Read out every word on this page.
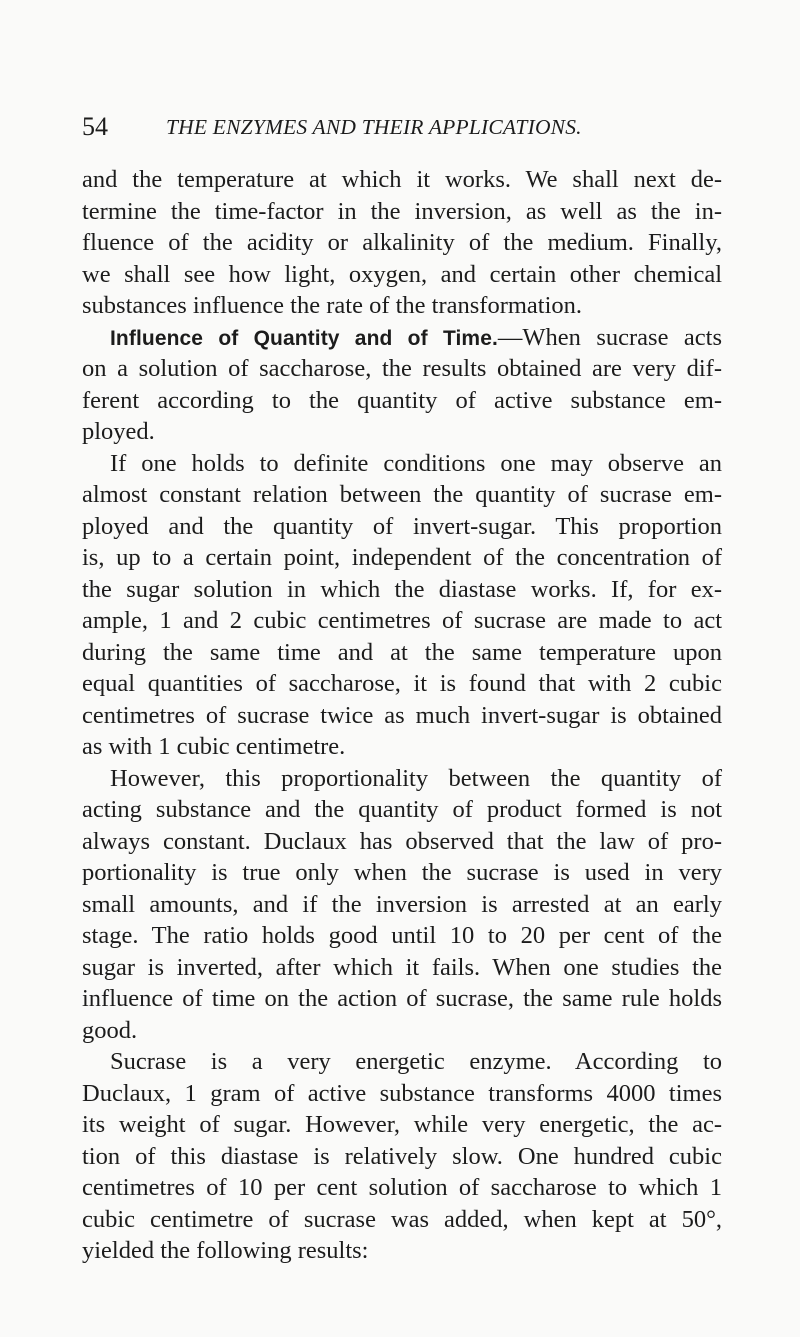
54	THE ENZYMES AND THEIR APPLICATIONS.
and the temperature at which it works. We shall next de-
termine the time-factor in the inversion, as well as the in-
fluence of the acidity or alkalinity of the medium. Finally,
we shall see how light, oxygen, and certain other chemical
substances influence the rate of the transformation.
Influence of Quantity and of Time.—When sucrase acts
on a solution of saccharose, the results obtained are very dif-
ferent according to the quantity of active substance em-
ployed.
If one holds to definite conditions one may observe an
almost constant relation between the quantity of sucrase em-
ployed and the quantity of invert-sugar. This proportion
is, up to a certain point, independent of the concentration of
the sugar solution in which the diastase works. If, for ex-
ample, 1 and 2 cubic centimetres of sucrase are made to act
during the same time and at the same temperature upon
equal quantities of saccharose, it is found that with 2 cubic
centimetres of sucrase twice as much invert-sugar is obtained
as with 1 cubic centimetre.
However, this proportionality between the quantity of
acting substance and the quantity of product formed is not
always constant. Duclaux has observed that the law of pro-
portionality is true only when the sucrase is used in very
small amounts, and if the inversion is arrested at an early
stage. The ratio holds good until 10 to 20 per cent of the
sugar is inverted, after which it fails. When one studies the
influence of time on the action of sucrase, the same rule holds
good.
Sucrase is a very energetic enzyme. According to
Duclaux, 1 gram of active substance transforms 4000 times
its weight of sugar. However, while very energetic, the ac-
tion of this diastase is relatively slow. One hundred cubic
centimetres of 10 per cent solution of saccharose to which 1
cubic centimetre of sucrase was added, when kept at 50°,
yielded the following results:
